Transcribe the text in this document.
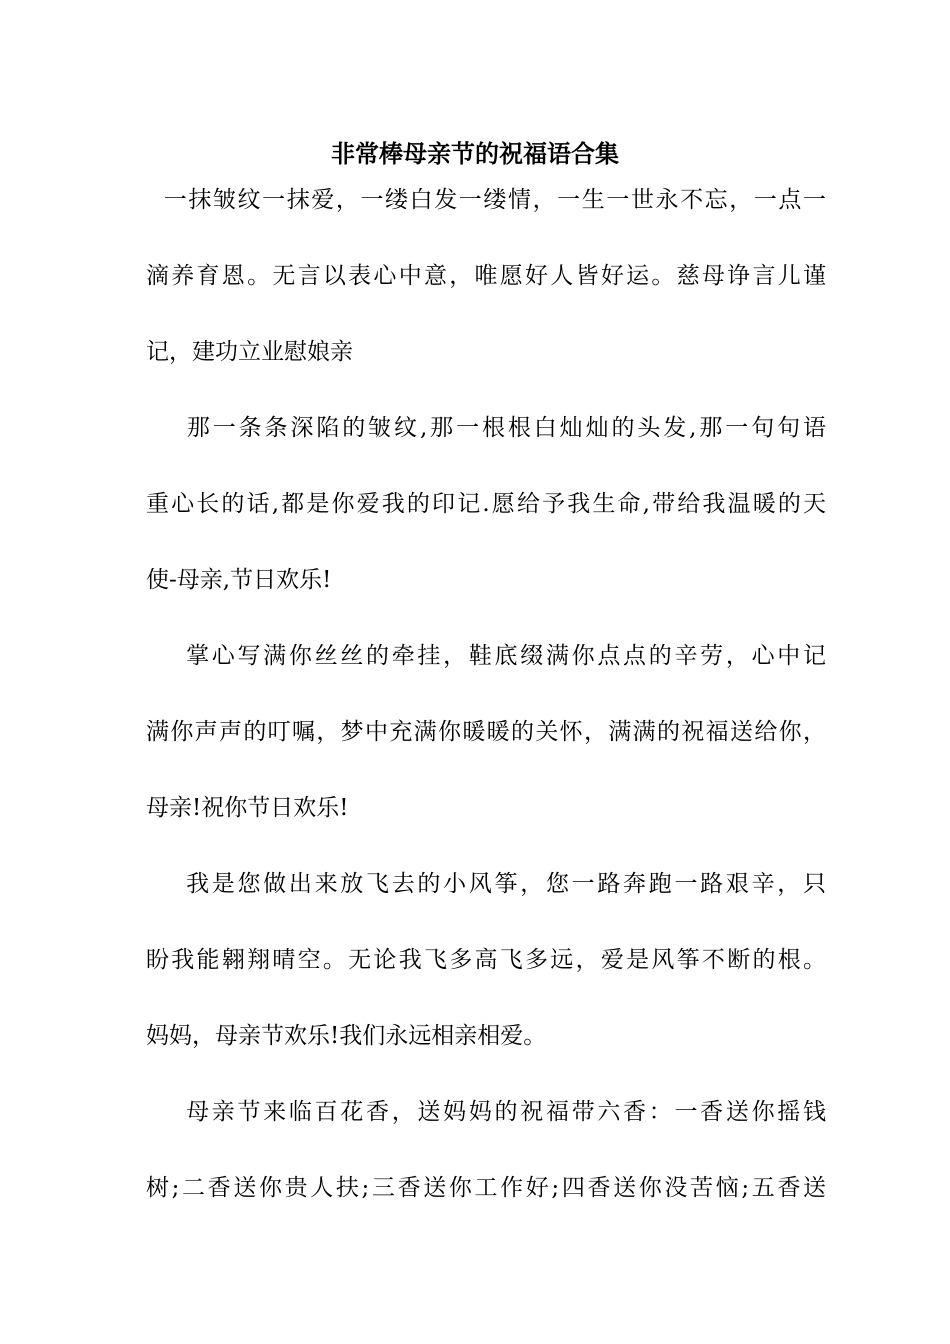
非常棒母亲节的祝福语合集
一抹皱纹一抹爱，一缕白发一缕情，一生一世永不忘，一点一
滴养育恩。无言以表心中意，唯愿好人皆好运。慈母诤言儿谨
记，建功立业慰娘亲
那一条条深陷的皱纹,那一根根白灿灿的头发,那一句句语
重心长的话,都是你爱我的印记.愿给予我生命,带给我温暖的天
使-母亲,节日欢乐!
掌心写满你丝丝的牵挂，鞋底缀满你点点的辛劳，心中记
满你声声的叮嘱，梦中充满你暖暖的关怀，满满的祝福送给你，
母亲!祝你节日欢乐!
我是您做出来放飞去的小风筝，您一路奔跑一路艰辛，只
盼我能翱翔晴空。无论我飞多高飞多远，爱是风筝不断的根。
妈妈，母亲节欢乐!我们永远相亲相爱。
母亲节来临百花香，送妈妈的祝福带六香：一香送你摇钱
树;二香送你贵人扶;三香送你工作好;四香送你没苦恼;五香送
